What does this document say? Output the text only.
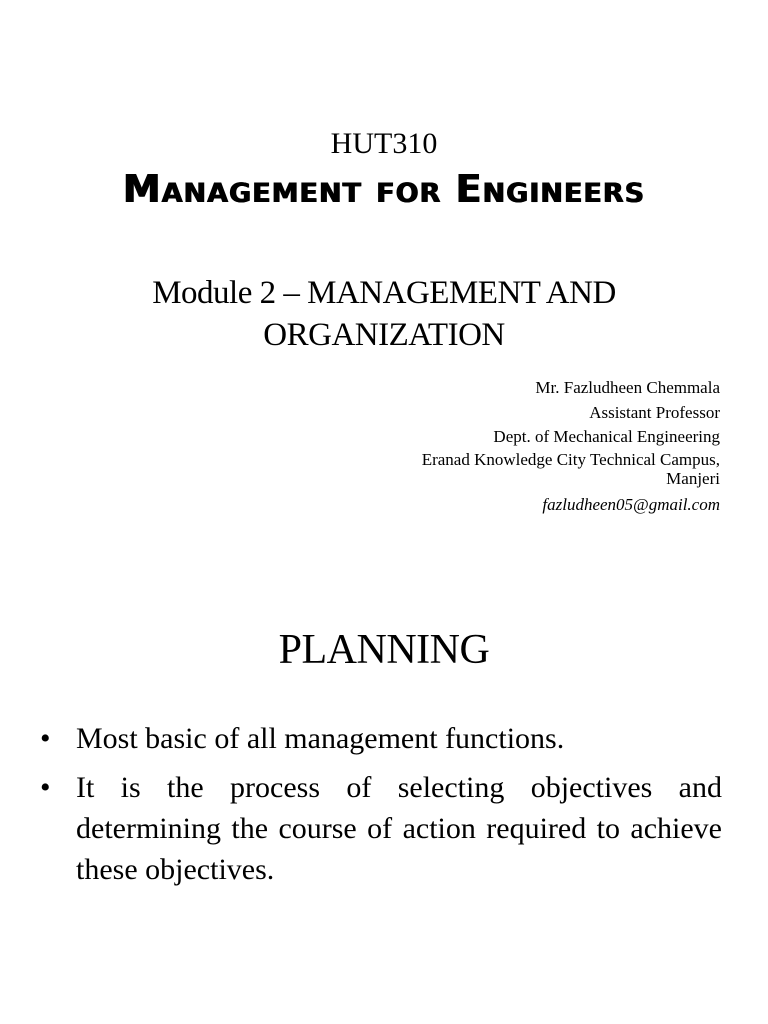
HUT310
Management for Engineers
Module 2 – MANAGEMENT AND ORGANIZATION
Mr. Fazludheen Chemmala
Assistant Professor
Dept. of Mechanical Engineering
Eranad Knowledge City Technical Campus,
Manjeri
fazludheen05@gmail.com
PLANNING
• Most basic of all management functions.
• It is the process of selecting objectives and determining the course of action required to achieve these objectives.
